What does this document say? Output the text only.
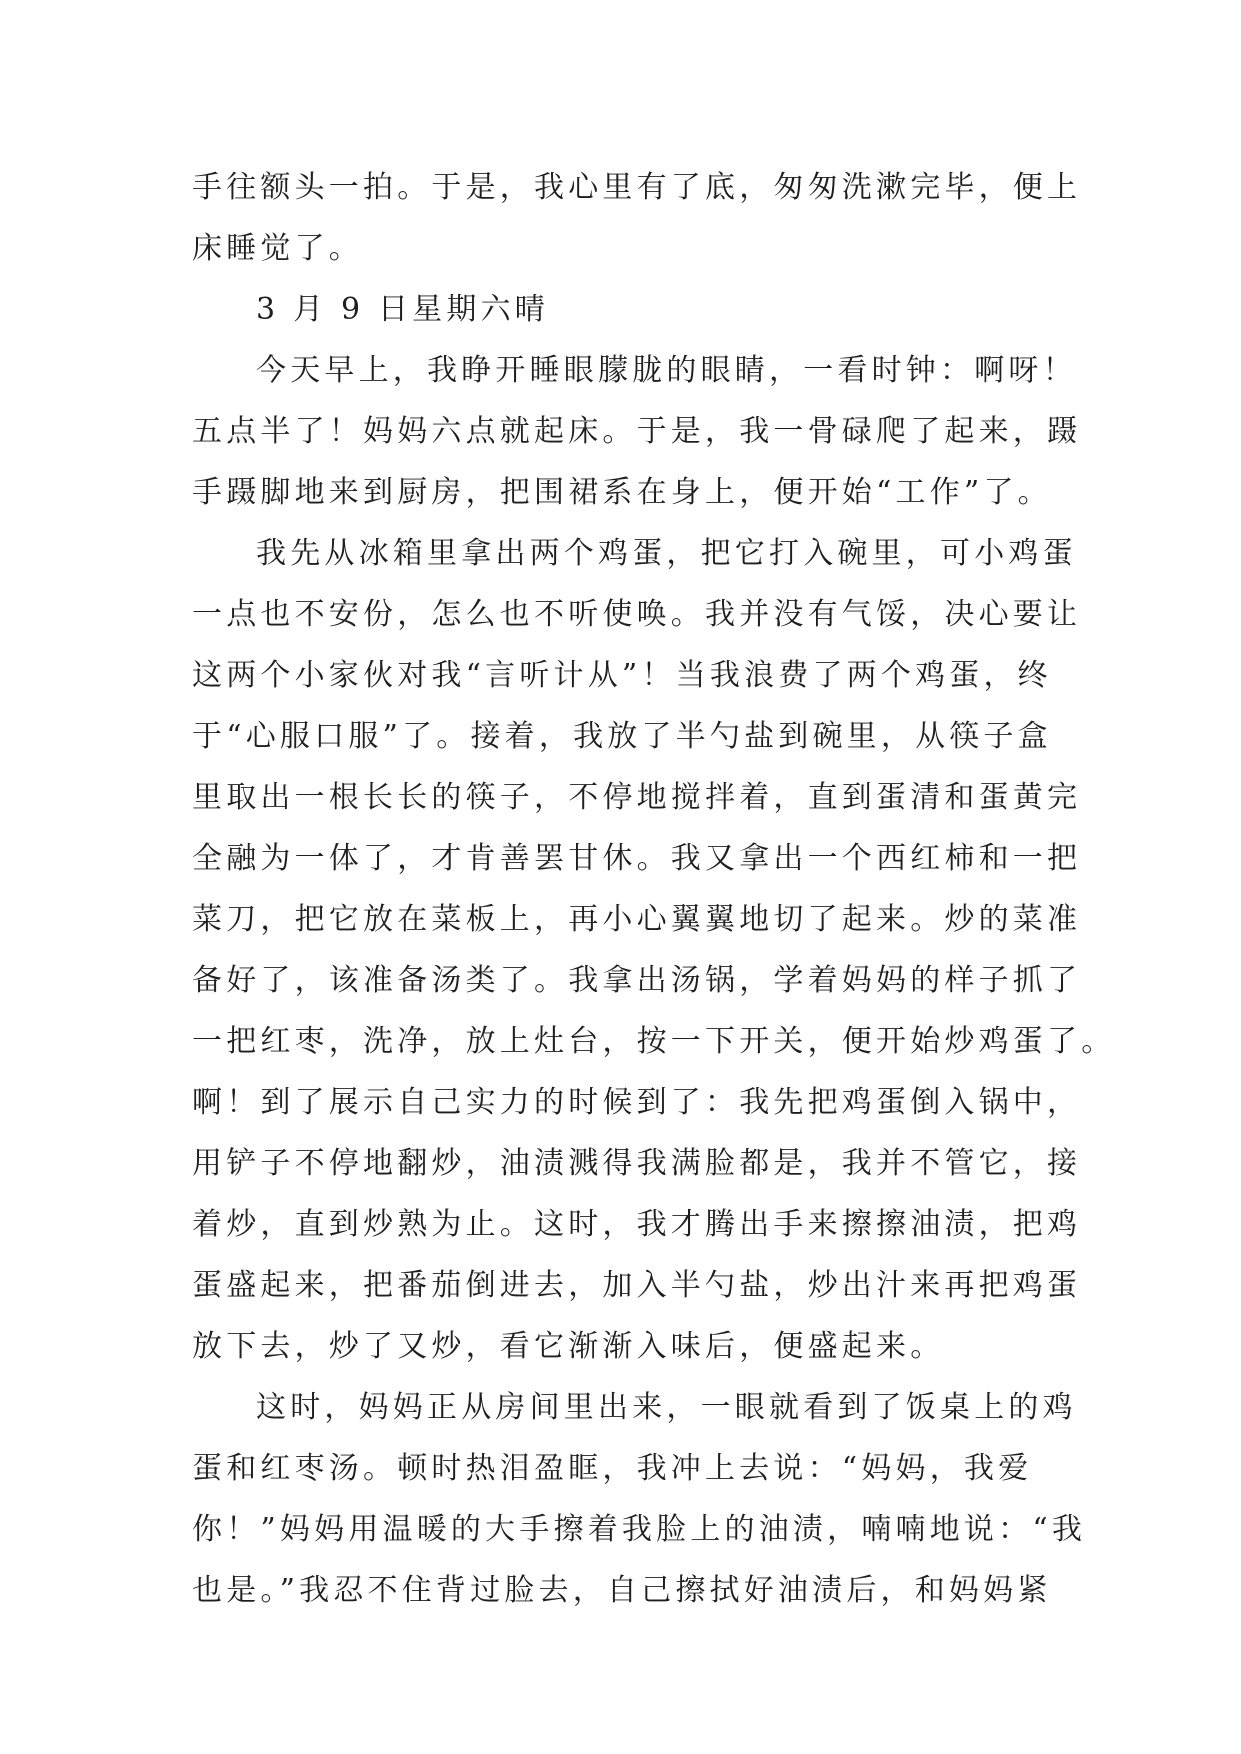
手往额头一拍。于是，我心里有了底，匆匆洗漱完毕，便上
床睡觉了。

3 月 9 日星期六晴

今天早上，我睁开睡眼朦胧的眼睛，一看时钟：啊呀！
五点半了！妈妈六点就起床。于是，我一骨碌爬了起来，蹑
手蹑脚地来到厨房，把围裙系在身上，便开始“工作”了。

我先从冰箱里拿出两个鸡蛋，把它打入碗里，可小鸡蛋
一点也不安份，怎么也不听使唤。我并没有气馁，决心要让
这两个小家伙对我“言听计从”！当我浪费了两个鸡蛋，终
于“心服口服”了。接着，我放了半勺盐到碗里，从筷子盒
里取出一根长长的筷子，不停地搅拌着，直到蛋清和蛋黄完
全融为一体了，才肯善罢甘休。我又拿出一个西红柿和一把
菜刀，把它放在菜板上，再小心翼翼地切了起来。炒的菜准
备好了，该准备汤类了。我拿出汤锅，学着妈妈的样子抓了
一把红枣，洗净，放上灶台，按一下开关，便开始炒鸡蛋了。
啊！到了展示自己实力的时候到了：我先把鸡蛋倒入锅中，
用铲子不停地翻炒，油渍溅得我满脸都是，我并不管它，接
着炒，直到炒熟为止。这时，我才腾出手来擦擦油渍，把鸡
蛋盛起来，把番茄倒进去，加入半勺盐，炒出汁来再把鸡蛋
放下去，炒了又炒，看它渐渐入味后，便盛起来。

这时，妈妈正从房间里出来，一眼就看到了饭桌上的鸡
蛋和红枣汤。顿时热泪盈眶，我冲上去说：“妈妈，我爱
你！”妈妈用温暖的大手擦着我脸上的油渍，喃喃地说：“我
也是。”我忍不住背过脸去，自己擦拭好油渍后，和妈妈紧
